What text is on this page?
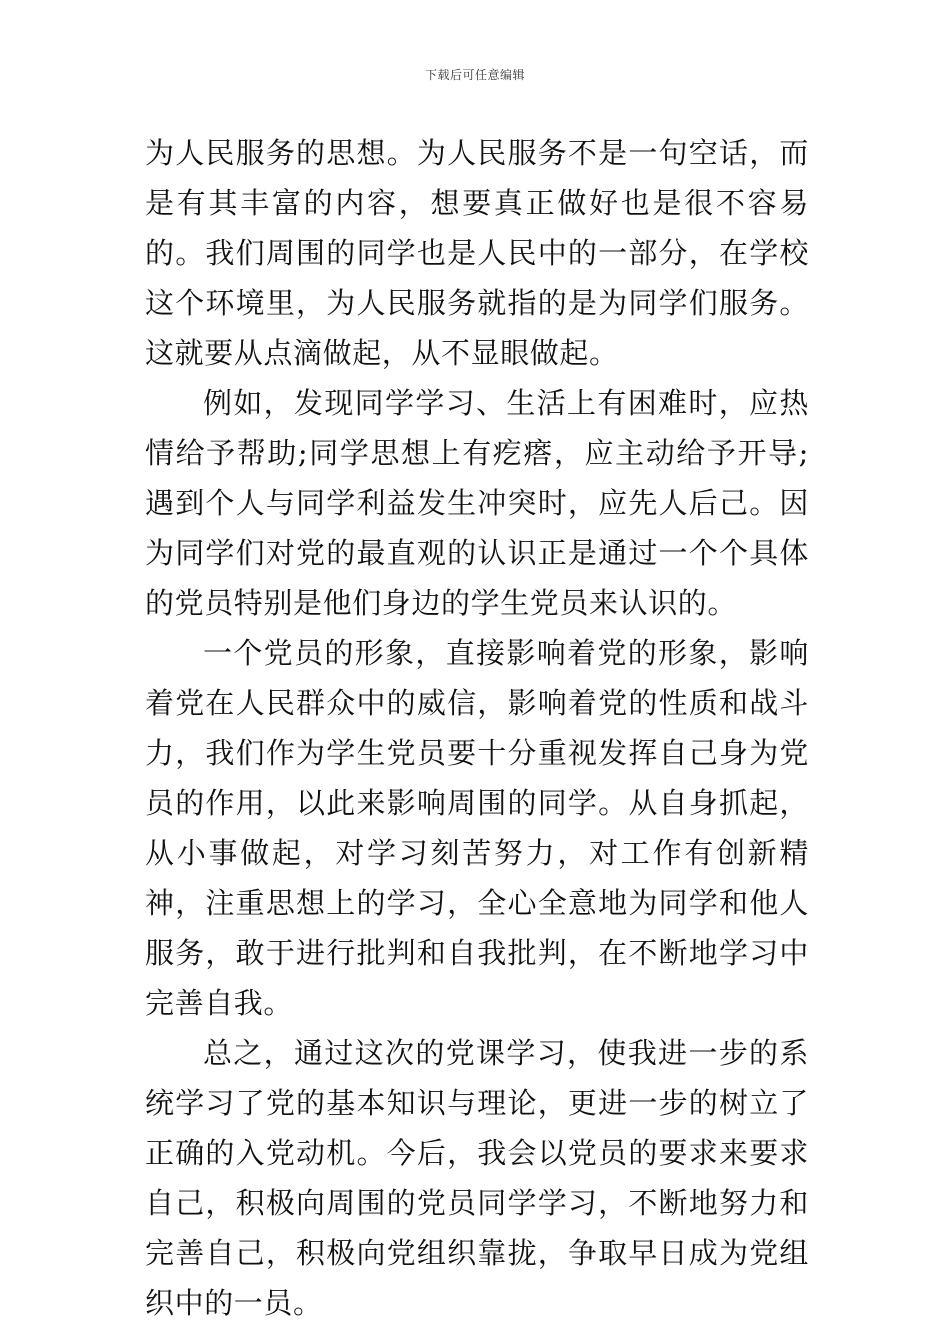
下载后可任意编辑

为人民服务的思想。为人民服务不是一句空话，而是有其丰富的内容，想要真正做好也是很不容易的。我们周围的同学也是人民中的一部分，在学校这个环境里，为人民服务就指的是为同学们服务。这就要从点滴做起，从不显眼做起。

例如，发现同学学习、生活上有困难时，应热情给予帮助;同学思想上有疙瘩，应主动给予开导;遇到个人与同学利益发生冲突时，应先人后己。因为同学们对党的最直观的认识正是通过一个个具体的党员特别是他们身边的学生党员来认识的。

一个党员的形象，直接影响着党的形象，影响着党在人民群众中的威信，影响着党的性质和战斗力，我们作为学生党员要十分重视发挥自己身为党员的作用，以此来影响周围的同学。从自身抓起，从小事做起，对学习刻苦努力，对工作有创新精神，注重思想上的学习，全心全意地为同学和他人服务，敢于进行批判和自我批判，在不断地学习中完善自我。

总之，通过这次的党课学习，使我进一步的系统学习了党的基本知识与理论，更进一步的树立了正确的入党动机。今后，我会以党员的要求来要求自己，积极向周围的党员同学学习，不断地努力和完善自己，积极向党组织靠拢，争取早日成为党组织中的一员。
